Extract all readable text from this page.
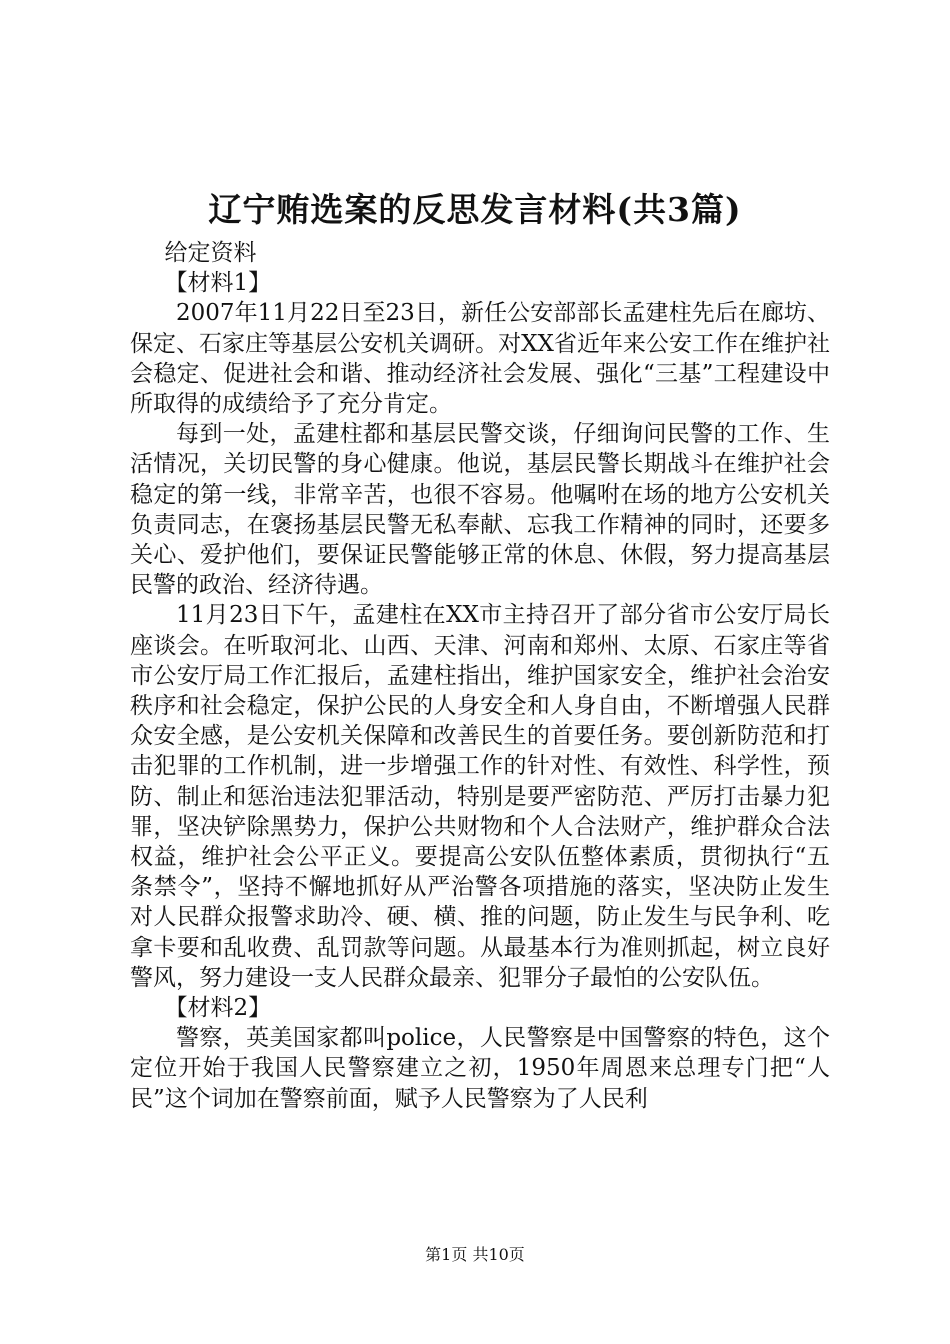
辽宁贿选案的反思发言材料(共3篇)

给定资料

【材料1】

2007年11月22日至23日，新任公安部部长孟建柱先后在廊坊、保定、石家庄等基层公安机关调研。对XX省近年来公安工作在维护社会稳定、促进社会和谐、推动经济社会发展、强化“三基”工程建设中所取得的成绩给予了充分肯定。

每到一处，孟建柱都和基层民警交谈，仔细询问民警的工作、生活情况，关切民警的身心健康。他说，基层民警长期战斗在维护社会稳定的第一线，非常辛苦，也很不容易。他嘱咐在场的地方公安机关负责同志，在褒扬基层民警无私奉献、忘我工作精神的同时，还要多关心、爱护他们，要保证民警能够正常的休息、休假，努力提高基层民警的政治、经济待遇。

11月23日下午，孟建柱在XX市主持召开了部分省市公安厅局长座谈会。在听取河北、山西、天津、河南和郑州、太原、石家庄等省市公安厅局工作汇报后，孟建柱指出，维护国家安全，维护社会治安秩序和社会稳定，保护公民的人身安全和人身自由，不断增强人民群众安全感，是公安机关保障和改善民生的首要任务。要创新防范和打击犯罪的工作机制，进一步增强工作的针对性、有效性、科学性，预防、制止和惩治违法犯罪活动，特别是要严密防范、严厉打击暴力犯罪，坚决铲除黑势力，保护公共财物和个人合法财产，维护群众合法权益，维护社会公平正义。要提高公安队伍整体素质，贯彻执行“五条禁令”，坚持不懈地抓好从严治警各项措施的落实，坚决防止发生对人民群众报警求助冷、硬、横、推的问题，防止发生与民争利、吃拿卡要和乱收费、乱罚款等问题。从最基本行为准则抓起，树立良好警风，努力建设一支人民群众最亲、犯罪分子最怕的公安队伍。

【材料2】

警察，英美国家都叫police，人民警察是中国警察的特色，这个定位开始于我国人民警察建立之初，1950年周恩来总理专门把“人民”这个词加在警察前面，赋予人民警察为了人民利

第1页 共10页
